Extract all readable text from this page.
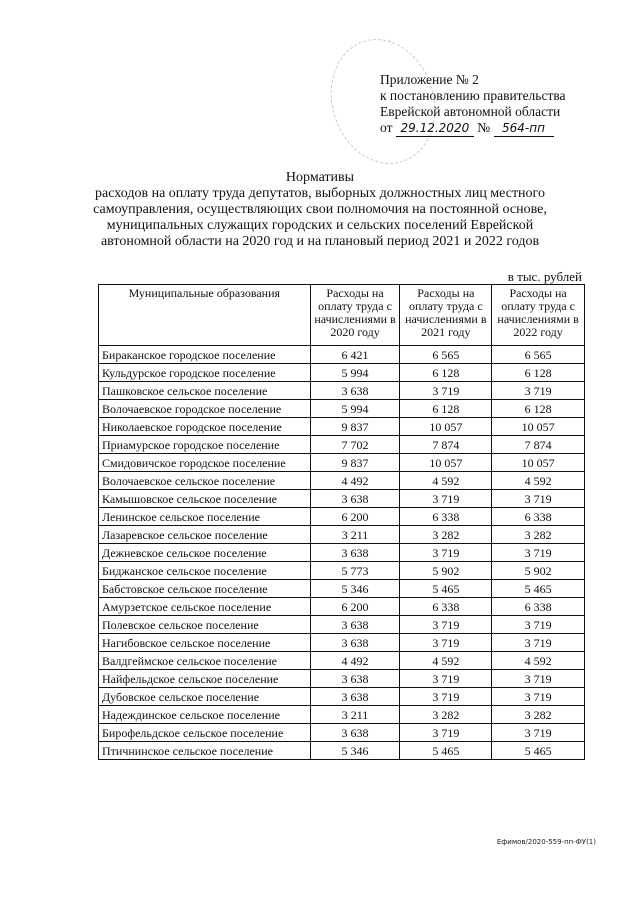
Приложение № 2
к постановлению правительства
Еврейской автономной области
от 29.12.2020 № 564-пп
Нормативы
расходов на оплату труда депутатов, выборных должностных лиц местного
самоуправления, осуществляющих свои полномочия на постоянной основе,
муниципальных служащих городских и сельских поселений Еврейской
автономной области на 2020 год и на плановый период 2021 и 2022 годов
в тыс. рублей
Муниципальные образования	Расходы на оплату труда с начислениями в 2020 году	Расходы на оплату труда с начислениями в 2021 году	Расходы на оплату труда с начислениями в 2022 году
Бираканское городское поселение	6 421	6 565	6 565
Кульдурское городское поселение	5 994	6 128	6 128
Пашковское сельское поселение	3 638	3 719	3 719
Волочаевское городское поселение	5 994	6 128	6 128
Николаевское городское поселение	9 837	10 057	10 057
Приамурское городское поселение	7 702	7 874	7 874
Смидовичское городское поселение	9 837	10 057	10 057
Волочаевское сельское поселение	4 492	4 592	4 592
Камышовское сельское поселение	3 638	3 719	3 719
Ленинское сельское поселение	6 200	6 338	6 338
Лазаревское сельское поселение	3 211	3 282	3 282
Дежневское сельское поселение	3 638	3 719	3 719
Биджанское сельское поселение	5 773	5 902	5 902
Бабстовское сельское поселение	5 346	5 465	5 465
Амурзетское сельское поселение	6 200	6 338	6 338
Полевское сельское поселение	3 638	3 719	3 719
Нагибовское сельское поселение	3 638	3 719	3 719
Валдгеймское сельское поселение	4 492	4 592	4 592
Найфельдское сельское поселение	3 638	3 719	3 719
Дубовское сельское поселение	3 638	3 719	3 719
Надеждинское сельское поселение	3 211	3 282	3 282
Бирофельдское сельское поселение	3 638	3 719	3 719
Птичнинское сельское поселение	5 346	5 465	5 465
Ефимов/2020-559-пп-ФУ(1)
